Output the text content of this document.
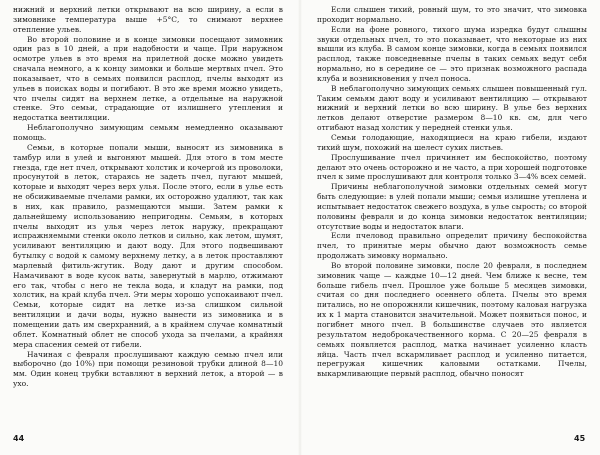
нижний и верхний летки открывают на всю ширину, а если в зимовнике температура выше +5°С, то снимают верхнее отепление ульев.

Во второй половине и в конце зимовки посещают зимовник один раз в 10 дней, а при надобности и чаще. При наружном осмотре ульев в это время на прилетной доске можно увидеть сначала немного, а к концу зимовки и больше мертвых пчел. Это показывает, что в семьях появился расплод, пчелы выходят из ульев в поисках воды и погибают. В это же время можно увидеть, что пчелы сидят на верхнем летке, а отдельные на наружной стенке. Это семьи, страдающие от излишнего утепления и недостатка вентиляции.

Неблагополучно зимующим семьям немедленно оказывают помощь.

Семьи, в которые попали мыши, выносят из зимовника в тамбур или в улей и выгоняют мышей. Для этого в том месте гнезда, где нет пчел, открывают холстик и кочергой из проволоки, просунутой в леток, стараясь не задеть пчел, пугают мышей, которые и выходят через верх улья. После этого, если в улье есть не обсиживаемые пчелами рамки, их осторожно удаляют, так как в них, как правило, размещаются мыши. Затем рамки к дальнейшему использованию непригодны. Семьям, в которых пчелы выходят из улья через леток наружу, прекращают испражняемыми стенки около летков и сильно, как летом, шумят, усиливают вентиляцию и дают воду. Для этого подвешивают бутылку с водой к самому верхнему летку, а в леток проставляют марлевый фитиль-жгутик. Воду дают и другим способом. Намачивают в воде кусок ваты, завернутый в марлю, отжимают его так, чтобы с него не текла вода, и кладут на рамки, под холстик, на край клуба пчел. Эти меры хорошо успокаивают пчел. Семьи, которые сидят на летке из-за слишком сильной вентиляции и дачи воды, нужно вынести из зимовника и в помещении дать им сверхранний, а в крайнем случае комнатный облет. Комнатный облет не способ ухода за пчелами, а крайняя мера спасения семей от гибели.

Начиная с февраля прослушивают каждую семью пчел или выборочно (до 10%) при помощи резиновой трубки длиной 8—10 мм. Один конец трубки вставляют в верхний леток, а второй — в ухо.

Если слышен тихий, ровный шум, то это значит, что зимовка проходит нормально.

Если на фоне ровного, тихого шума изредка будут слышны звуки отдельных пчел, то это показывает, что некоторые из них вышли из клуба. В самом конце зимовки, когда в семьях появился расплод, также повседневные пчелы в таких семьях ведут себя нормально, но в середине се — это признак возможного распада клуба и возникновения у пчел поноса.

В неблагополучно зимующих семьях слышен повышенный гул. Таким семьям дают воду и усиливают вентиляцию — открывают нижний и верхний летки во всю ширину. В улье без верхних летков делают отверстие размером 8—10 кв. см, для чего отгибают назад холстик у передней стенки улья.

Семьи голодающие, находящиеся на краю гибели, издают тихий шум, похожий на шелест сухих листьев.

Прослушивание пчел причиняет им беспокойство, поэтому делают это очень осторожно и не часто, а при хорошей подготовке пчел к зиме прослушивают для контроля только 3—4% всех семей.

Причины неблагополучной зимовки отдельных семей могут быть следующие: в улей попали мыши; семья излишне утеплена и испытывает недостаток свежего воздуха, в улье сырость; со второй половины февраля и до конца зимовки недостаток вентиляции; отсутствие воды и недостаток влаги.

Если пчеловод правильно определит причину беспокойства пчел, то принятые меры обычно дают возможность семье продолжать зимовку нормально.

Во второй половине зимовки, после 20 февраля, в последнем зимовник чаще — каждые 10—12 дней. Чем ближе к весне, тем больше гибель пчел. Прошлое уже больше 5 месяцев зимовки, считая со дня последнего осеннего облета. Пчелы это время питались, но не опорожняли кишечник, поэтому каловая нагрузка их к 1 марта становится значительной. Может появиться понос, и погибнет много пчел. В большинстве случаев это является результатом недоброкачественного корма. С 20—25 февраля в семьях появляется расплод, матка начинает усиленно класть яйца. Часть пчел вскармливает расплод и усиленно питается, перегружая кишечник каловыми остатками. Пчелы, выкармливающие первый расплод, обычно поносят

44	45
